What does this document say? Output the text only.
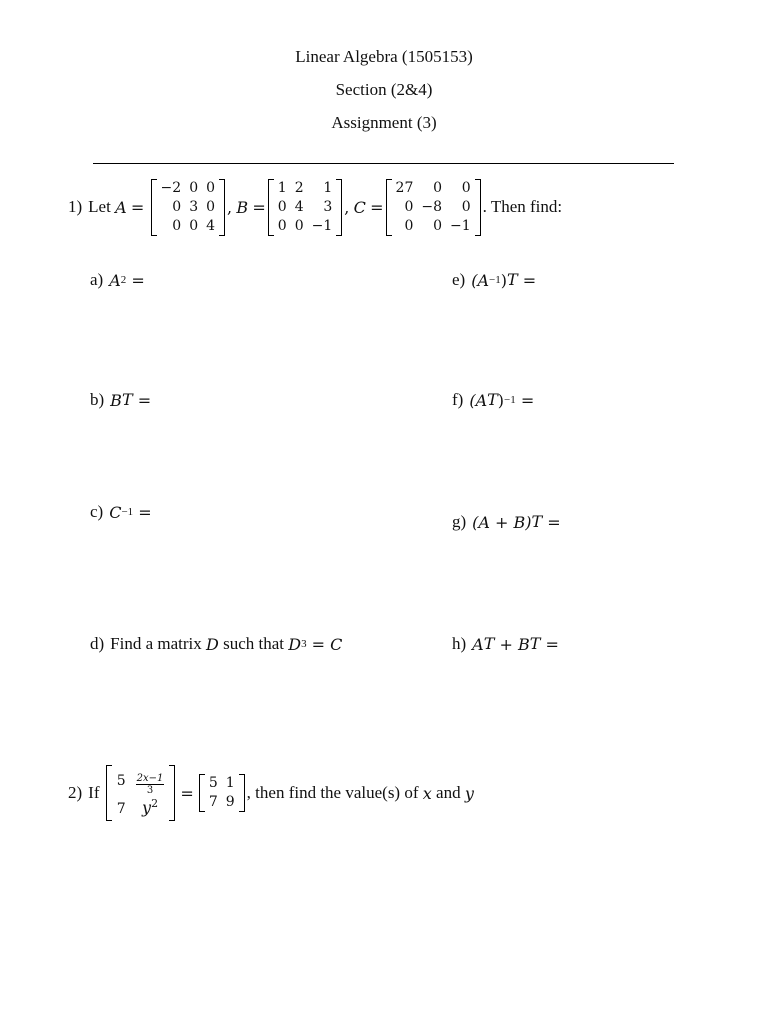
Linear Algebra (1505153)
Section (2&4)
Assignment (3)
1) Let
A
=

−2	0	0
0	3	0
0	0	4
,
B
=
1	2	1
0	4	3
0	0	−1
,
C
=
27	0	0
0	−8	0
0	0	−1
. Then find:
a) A 2 =	e) (A −1 ) T =
b) B T =	f) (A T ) −1 =
c) C −1 =	g) (A + B) T =
d) Find a matrix
D
such that
D 3 = C	h) A T + B T =
2) If

5	$\frac{2x-1}{3}$

7	$y^2$
=
5	1
7	9 , then find the value(s) of
x
and
y
